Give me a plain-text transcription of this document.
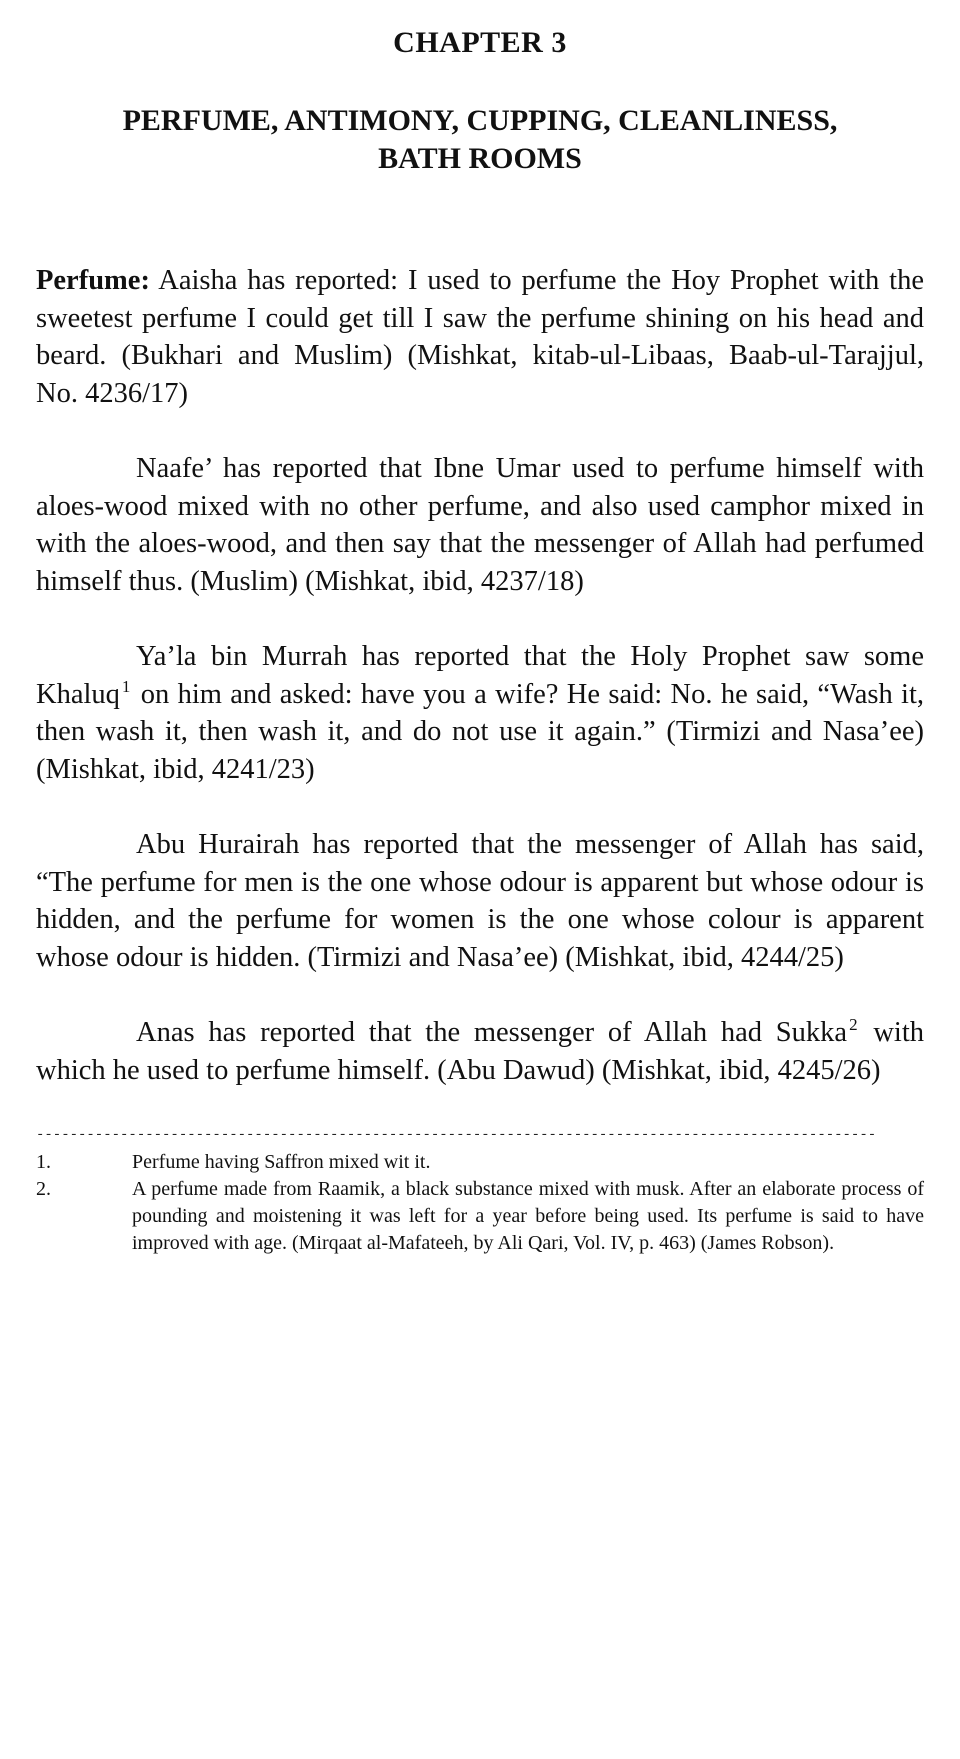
CHAPTER 3
PERFUME, ANTIMONY, CUPPING, CLEANLINESS,
BATH ROOMS

Perfume: Aaisha has reported: I used to perfume the Hoy Prophet with the sweetest perfume I could get till I saw the perfume shining on his head and beard. (Bukhari and Muslim) (Mishkat, kitab-ul-Libaas, Baab-ul-Tarajjul, No. 4236/17)

Naafe’ has reported that Ibne Umar used to perfume himself with aloes-wood mixed with no other perfume, and also used camphor mixed in with the aloes-wood, and then say that the messenger of Allah had perfumed himself thus. (Muslim) (Mishkat, ibid, 4237/18)

Ya’la bin Murrah has reported that the Holy Prophet saw some Khaluq $^1$ on him and asked: have you a wife? He said: No. he said, “Wash it, then wash it, then wash it, and do not use it again.” (Tirmizi and Nasa’ee) (Mishkat, ibid, 4241/23)

Abu Hurairah has reported that the messenger of Allah has said, “The perfume for men is the one whose odour is apparent but whose odour is hidden, and the perfume for women is the one whose colour is apparent whose odour is hidden. (Tirmizi and Nasa’ee) (Mishkat, ibid, 4244/25)

Anas has reported that the messenger of Allah had Sukka $^2$ with which he used to perfume himself. (Abu Dawud) (Mishkat, ibid, 4245/26)

----------------------------------------------------------------------------------------------------
1.	Perfume having Saffron mixed wit it.
2.	A perfume made from Raamik, a black substance mixed with musk. After an elaborate process of pounding and moistening it was left for a year before being used. Its perfume is said to have improved with age. (Mirqaat al-Mafateeh, by Ali Qari, Vol. IV, p. 463) (James Robson).
